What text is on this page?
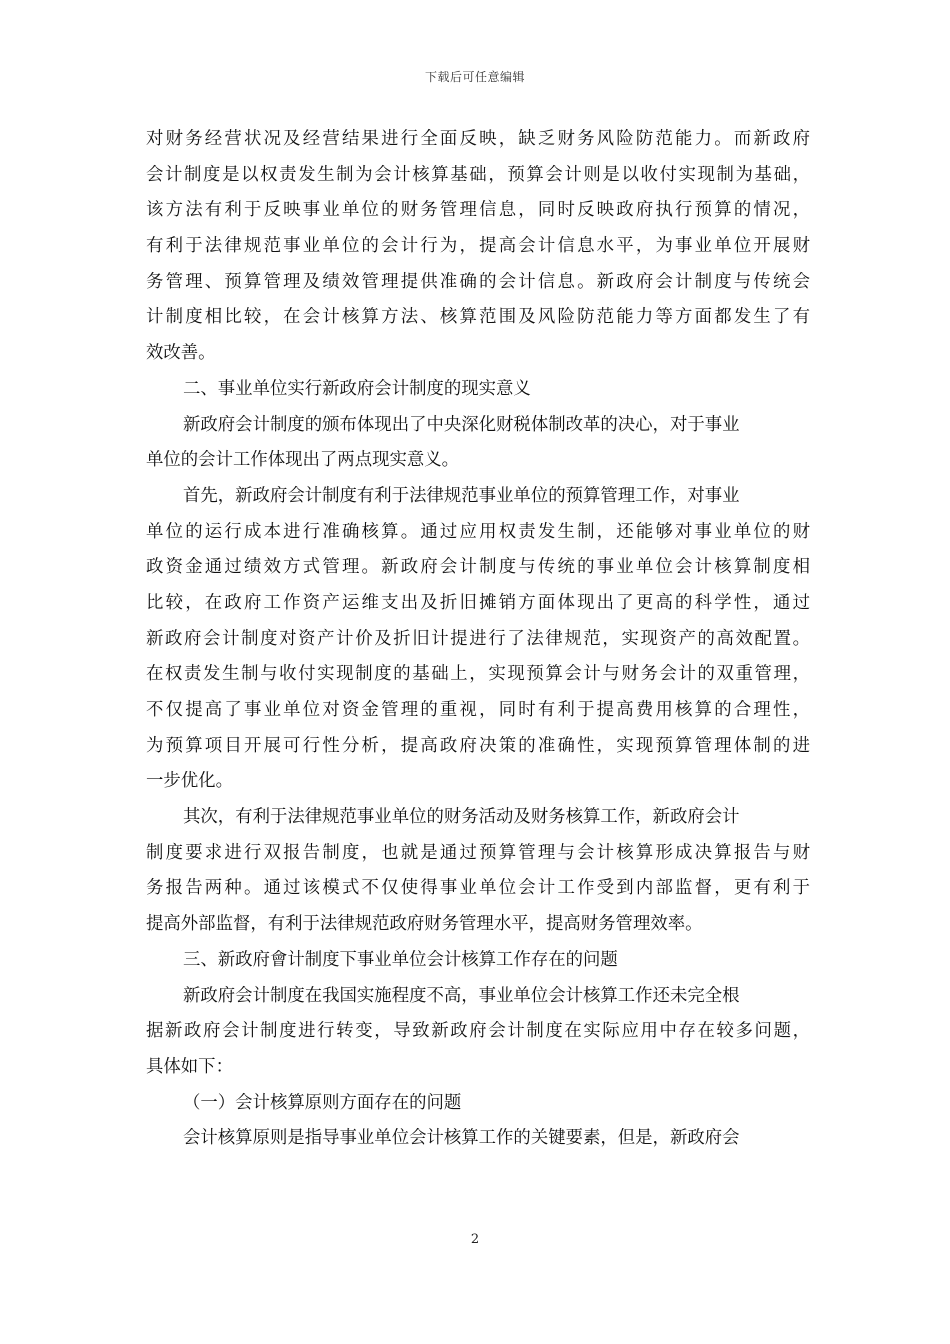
下载后可任意编辑
对财务经营状况及经营结果进行全面反映，缺乏财务风险防范能力。而新政府
会计制度是以权责发生制为会计核算基础，预算会计则是以收付实现制为基础，
该方法有利于反映事业单位的财务管理信息，同时反映政府执行预算的情况，
有利于法律规范事业单位的会计行为，提高会计信息水平，为事业单位开展财
务管理、预算管理及绩效管理提供准确的会计信息。新政府会计制度与传统会
计制度相比较，在会计核算方法、核算范围及风险防范能力等方面都发生了有
效改善。
二、事业单位实行新政府会计制度的现实意义
新政府会计制度的颁布体现出了中央深化财税体制改革的决心，对于事业
单位的会计工作体现出了两点现实意义。
首先，新政府会计制度有利于法律规范事业单位的预算管理工作，对事业
单位的运行成本进行准确核算。通过应用权责发生制，还能够对事业单位的财
政资金通过绩效方式管理。新政府会计制度与传统的事业单位会计核算制度相
比较，在政府工作资产运维支出及折旧摊销方面体现出了更高的科学性，通过
新政府会计制度对资产计价及折旧计提进行了法律规范，实现资产的高效配置。
在权责发生制与收付实现制度的基础上，实现预算会计与财务会计的双重管理，
不仅提高了事业单位对资金管理的重视，同时有利于提高费用核算的合理性，
为预算项目开展可行性分析，提高政府决策的准确性，实现预算管理体制的进
一步优化。
其次，有利于法律规范事业单位的财务活动及财务核算工作，新政府会计
制度要求进行双报告制度，也就是通过预算管理与会计核算形成决算报告与财
务报告两种。通过该模式不仅使得事业单位会计工作受到内部监督，更有利于
提高外部监督，有利于法律规范政府财务管理水平，提高财务管理效率。
三、新政府會计制度下事业单位会计核算工作存在的问题
新政府会计制度在我国实施程度不高，事业单位会计核算工作还未完全根
据新政府会计制度进行转变，导致新政府会计制度在实际应用中存在较多问题，
具体如下：
（一）会计核算原则方面存在的问题
会计核算原则是指导事业单位会计核算工作的关键要素，但是，新政府会
2
